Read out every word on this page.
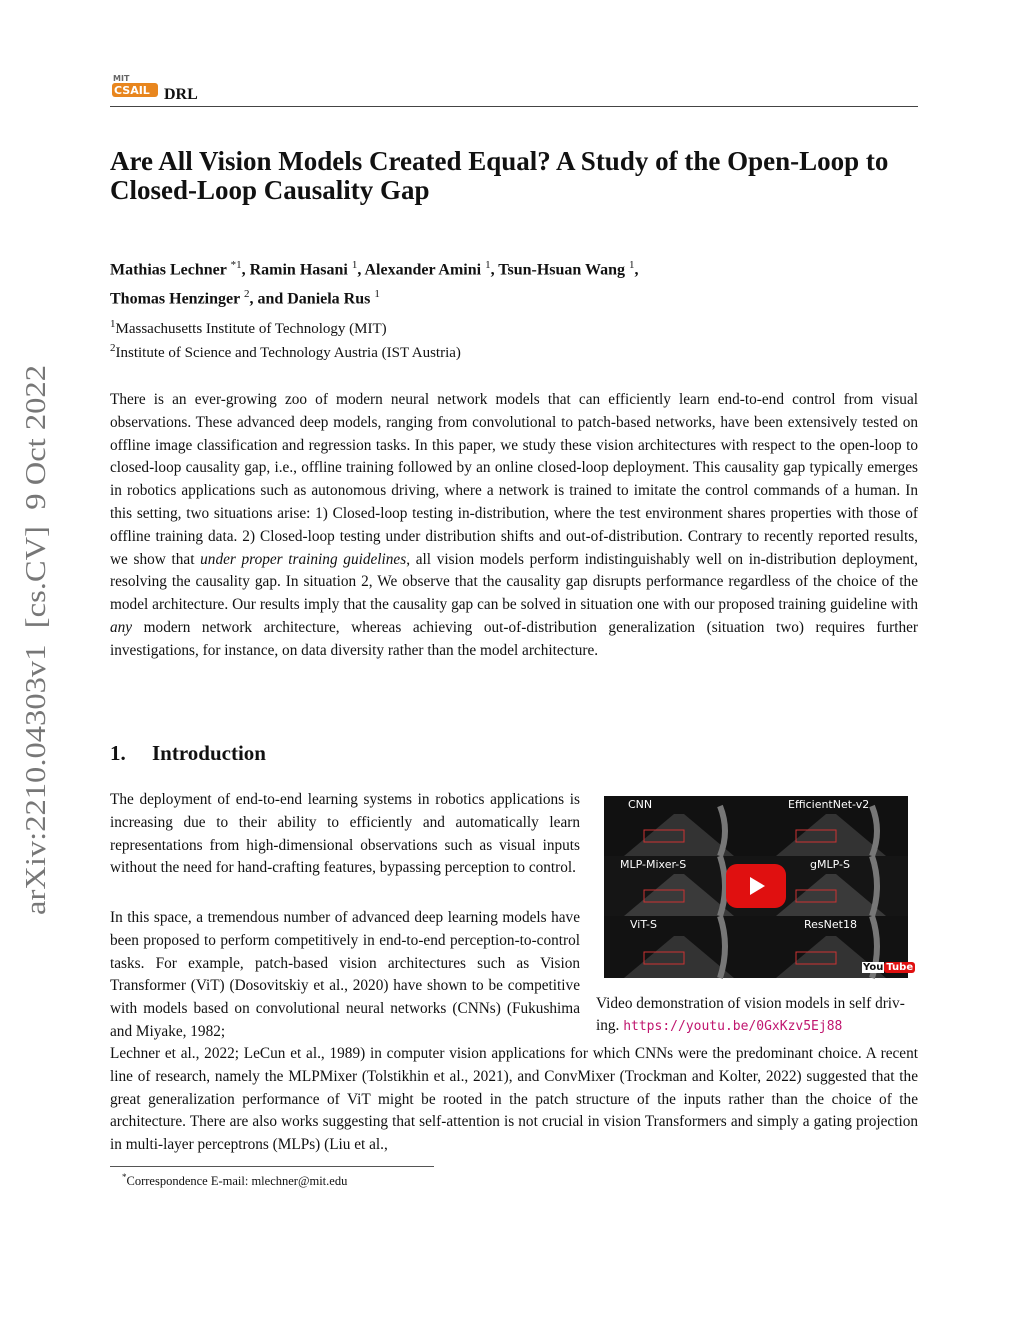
MIT
CSAIL DRL
arXiv:2210.04303v1  [cs.CV]  9 Oct 2022
Are All Vision Models Created Equal? A Study of the Open-Loop to Closed-Loop Causality Gap
Mathias Lechner $^{*1}$, Ramin Hasani $^1$, Alexander Amini $^1$, Tsun-Hsuan Wang $^1$,
Thomas Henzinger $^2$, and Daniela Rus $^1$
$^1$Massachusetts Institute of Technology (MIT)
$^2$Institute of Science and Technology Austria (IST Austria)

There is an ever-growing zoo of modern neural network models that can efficiently learn end-to-end control from visual observations. These advanced deep models, ranging from convolutional to patch-based networks, have been extensively tested on offline image classification and regression tasks. In this paper, we study these vision architectures with respect to the open-loop to closed-loop causality gap, i.e., offline training followed by an online closed-loop deployment. This causality gap typically emerges in robotics applications such as autonomous driving, where a network is trained to imitate the control commands of a human. In this setting, two situations arise: 1) Closed-loop testing in-distribution, where the test environment shares properties with those of offline training data. 2) Closed-loop testing under distribution shifts and out-of-distribution. Contrary to recently reported results, we show that under proper training guidelines, all vision models perform indistinguishably well on in-distribution deployment, resolving the causality gap. In situation 2, We observe that the causality gap disrupts performance regardless of the choice of the model architecture. Our results imply that the causality gap can be solved in situation one with our proposed training guideline with any modern network architecture, whereas achieving out-of-distribution generalization (situation two) requires further investigations, for instance, on data diversity rather than the model architecture.

1. Introduction

The deployment of end-to-end learning systems in robotics applications is increasing due to their ability to efficiently and automatically learn representations from high-dimensional observations such as visual inputs without the need for hand-crafting features, bypassing perception to control.

In this space, a tremendous number of advanced deep learning models have been proposed to perform competitively in end-to-end perception-to-control tasks. For example, patch-based vision architectures such as Vision Transformer (ViT) (Dosovitskiy et al., 2020) have shown to be competitive with models based on convolutional neural networks (CNNs) (Fukushima and Miyake, 1982;

Lechner et al., 2022; LeCun et al., 1989) in computer vision applications for which CNNs were the predominant choice. A recent line of research, namely the MLPMixer (Tolstikhin et al., 2021), and ConvMixer (Trockman and Kolter, 2022) suggested that the great generalization performance of ViT might be rooted in the patch structure of the inputs rather than the choice of the architecture. There are also works suggesting that self-attention is not crucial in vision Transformers and simply a gating projection in multi-layer perceptrons (MLPs) (Liu et al.,

CNN	EfficientNet-v2
MLP-Mixer-S	gMLP-S
ViT-S	ResNet18
You Tube

Video demonstration of vision models in self driv-
ing. https://youtu.be/0GxKzv5Ej88

*Correspondence E-mail: mlechner@mit.edu
